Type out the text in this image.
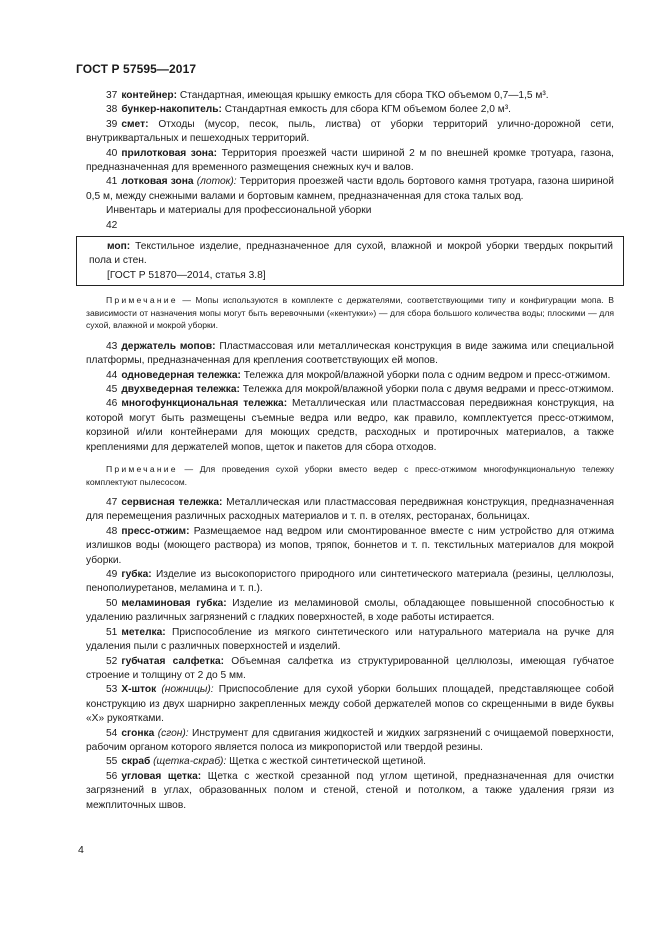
ГОСТ Р 57595—2017

37 контейнер: Стандартная, имеющая крышку емкость для сбора ТКО объемом 0,7—1,5 м³.

38 бункер-накопитель: Стандартная емкость для сбора КГМ объемом более 2,0 м³.

39 смет: Отходы (мусор, песок, пыль, листва) от уборки территорий улично-дорожной сети, внутриквартальных и пешеходных территорий.

40 прилотковая зона: Территория проезжей части шириной 2 м по внешней кромке тротуара, газона, предназначенная для временного размещения снежных куч и валов.

41 лотковая зона (лоток): Территория проезжей части вдоль бортового камня тротуара, газона шириной 0,5 м, между снежными валами и бортовым камнем, предназначенная для стока талых вод.

Инвентарь и материалы для профессиональной уборки

42

моп: Текстильное изделие, предназначенное для сухой, влажной и мокрой уборки твердых покрытий пола и стен.

[ГОСТ Р 51870—2014, статья 3.8]

Примечание — Мопы используются в комплекте с держателями, соответствующими типу и конфигурации мопа. В зависимости от назначения мопы могут быть веревочными («кентукки») — для сбора большого количества воды; плоскими — для сухой, влажной и мокрой уборки.

43 держатель мопов: Пластмассовая или металлическая конструкция в виде зажима или специальной платформы, предназначенная для крепления соответствующих ей мопов.

44 одноведерная тележка: Тележка для мокрой/влажной уборки пола с одним ведром и пресс-отжимом.

45 двухведерная тележка: Тележка для мокрой/влажной уборки пола с двумя ведрами и пресс-отжимом.

46 многофункциональная тележка: Металлическая или пластмассовая передвижная конструкция, на которой могут быть размещены съемные ведра или ведро, как правило, комплектуется пресс-отжимом, корзиной и/или контейнерами для моющих средств, расходных и протирочных материалов, а также креплениями для держателей мопов, щеток и пакетов для сбора отходов.

Примечание — Для проведения сухой уборки вместо ведер с пресс-отжимом многофункциональную тележку комплектуют пылесосом.

47 сервисная тележка: Металлическая или пластмассовая передвижная конструкция, предназначенная для перемещения различных расходных материалов и т. п. в отелях, ресторанах, больницах.

48 пресс-отжим: Размещаемое над ведром или смонтированное вместе с ним устройство для отжима излишков воды (моющего раствора) из мопов, тряпок, боннетов и т. п. текстильных материалов для мокрой уборки.

49 губка: Изделие из высокопористого природного или синтетического материала (резины, целлюлозы, пенополиуретанов, меламина и т. п.).

50 меламиновая губка: Изделие из меламиновой смолы, обладающее повышенной способностью к удалению различных загрязнений с гладких поверхностей, в ходе работы истирается.

51 метелка: Приспособление из мягкого синтетического или натурального материала на ручке для удаления пыли с различных поверхностей и изделий.

52 губчатая салфетка: Объемная салфетка из структурированной целлюлозы, имеющая губчатое строение и толщину от 2 до 5 мм.

53 Х-шток (ножницы): Приспособление для сухой уборки больших площадей, представляющее собой конструкцию из двух шарнирно закрепленных между собой держателей мопов со скрещенными в виде буквы «Х» рукоятками.

54 сгонка (сгон): Инструмент для сдвигания жидкостей и жидких загрязнений с очищаемой поверхности, рабочим органом которого является полоса из микропористой или твердой резины.

55 скраб (щетка-скраб): Щетка с жесткой синтетической щетиной.

56 угловая щетка: Щетка с жесткой срезанной под углом щетиной, предназначенная для очистки загрязнений в углах, образованных полом и стеной, стеной и потолком, а также удаления грязи из межплиточных швов.

4
